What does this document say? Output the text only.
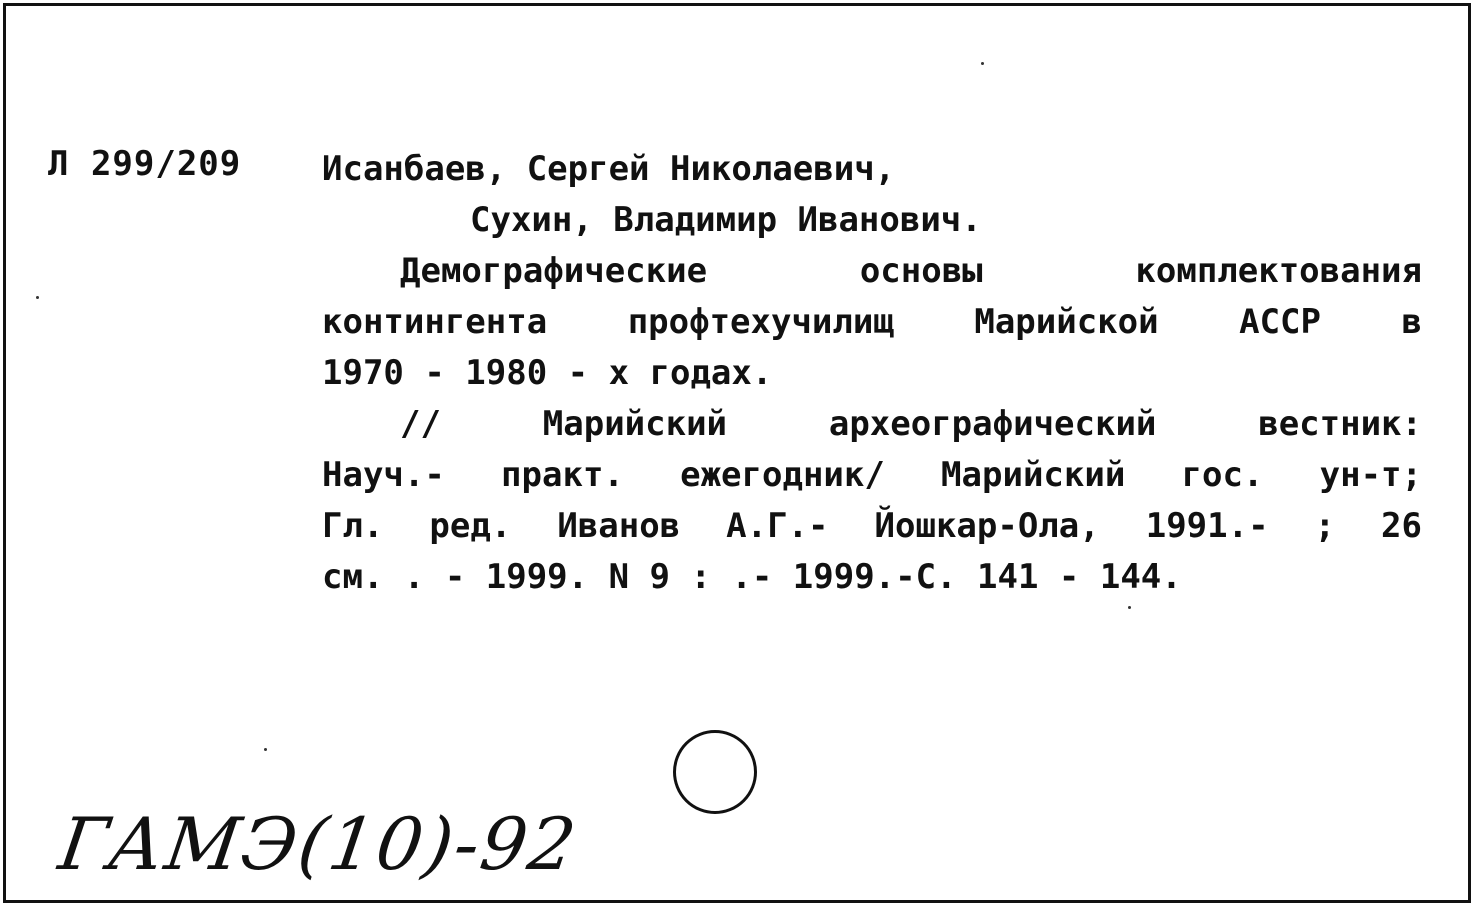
Л 299/209 Исанбаев, Сергей Николаевич,
Сухин, Владимир Иванович.
Демографические основы комплектования
контингента профтехучилищ Марийской АССР в
1970 - 1980 - х годах.
// Марийский археографический вестник:
Науч.- практ. ежегодник/ Марийский гос. ун-т;
Гл. ред. Иванов А.Г.- Йошкар-Ола, 1991.- ; 26
см. . - 1999. N 9 : .- 1999.-С. 141 - 144.
ГАМЭ(10)-92
